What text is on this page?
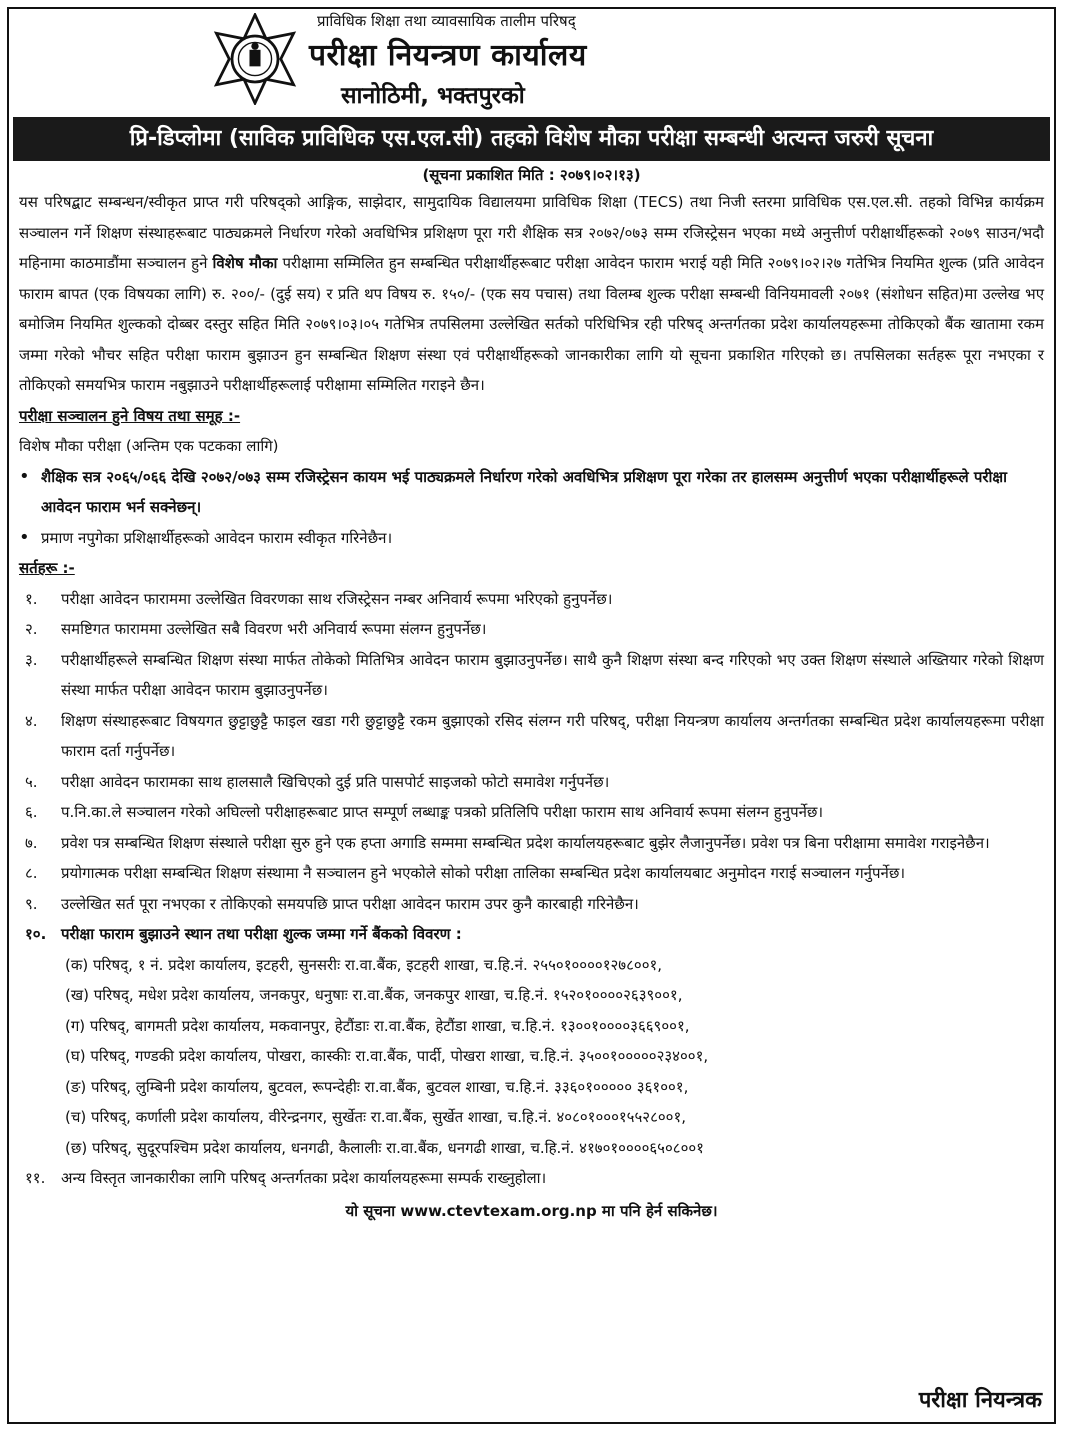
प्राविधिक शिक्षा तथा व्यावसायिक तालीम परिषद्
परीक्षा नियन्त्रण कार्यालय
सानोठिमी, भक्तपुरको
प्रि-डिप्लोमा (साविक प्राविधिक एस.एल.सी) तहको विशेष मौका परीक्षा सम्बन्धी अत्यन्त जरुरी सूचना
(सूचना प्रकाशित मिति : २०७९।०२।१३)
यस परिषद्बाट सम्बन्धन/स्वीकृत प्राप्त गरी परिषद्को आङ्गिक, साझेदार, सामुदायिक विद्यालयमा प्राविधिक शिक्षा (TECS) तथा निजी स्तरमा प्राविधिक एस.एल.सी. तहको विभिन्न कार्यक्रम सञ्चालन गर्ने शिक्षण संस्थाहरूबाट पाठ्यक्रमले निर्धारण गरेको अवधिभित्र प्रशिक्षण पूरा गरी शैक्षिक सत्र २०७२/०७३ सम्म रजिस्ट्रेसन भएका मध्ये अनुत्तीर्ण परीक्षार्थीहरूको २०७९ साउन/भदौ महिनामा काठमाडौंमा सञ्चालन हुने विशेष मौका परीक्षामा सम्मिलित हुन सम्बन्धित परीक्षार्थीहरूबाट परीक्षा आवेदन फाराम भराई यही मिति २०७९।०२।२७ गतेभित्र नियमित शुल्क (प्रति आवेदन फाराम बापत (एक विषयका लागि) रु. २००/- (दुई सय) र प्रति थप विषय रु. १५०/- (एक सय पचास) तथा विलम्ब शुल्क परीक्षा सम्बन्धी विनियमावली २०७१ (संशोधन सहित)मा उल्लेख भए बमोजिम नियमित शुल्कको दोब्बर दस्तुर सहित मिति २०७९।०३।०५ गतेभित्र तपसिलमा उल्लेखित सर्तको परिधिभित्र रही परिषद् अन्तर्गतका प्रदेश कार्यालयहरूमा तोकिएको बैंक खातामा रकम जम्मा गरेको भौचर सहित परीक्षा फाराम बुझाउन हुन सम्बन्धित शिक्षण संस्था एवं परीक्षार्थीहरूको जानकारीका लागि यो सूचना प्रकाशित गरिएको छ। तपसिलका सर्तहरू पूरा नभएका र तोकिएको समयभित्र फाराम नबुझाउने परीक्षार्थीहरूलाई परीक्षामा सम्मिलित गराइने छैन।
परीक्षा सञ्चालन हुने विषय तथा समूह :-
विशेष मौका परीक्षा (अन्तिम एक पटकका लागि)
• शैक्षिक सत्र २०६५/०६६ देखि २०७२/०७३ सम्म रजिस्ट्रेसन कायम भई पाठ्यक्रमले निर्धारण गरेको अवधिभित्र प्रशिक्षण पूरा गरेका तर हालसम्म अनुत्तीर्ण भएका परीक्षार्थीहरूले परीक्षा आवेदन फाराम भर्न सक्नेछन्।
• प्रमाण नपुगेका प्रशिक्षार्थीहरूको आवेदन फाराम स्वीकृत गरिनेछैन।
सर्तहरू :-
१.	परीक्षा आवेदन फाराममा उल्लेखित विवरणका साथ रजिस्ट्रेसन नम्बर अनिवार्य रूपमा भरिएको हुनुपर्नेछ।
२.	समष्टिगत फाराममा उल्लेखित सबै विवरण भरी अनिवार्य रूपमा संलग्न हुनुपर्नेछ।
३.	परीक्षार्थीहरूले सम्बन्धित शिक्षण संस्था मार्फत तोकेको मितिभित्र आवेदन फाराम बुझाउनुपर्नेछ। साथै कुनै शिक्षण संस्था बन्द गरिएको भए उक्त शिक्षण संस्थाले अख्तियार गरेको शिक्षण संस्था मार्फत परीक्षा आवेदन फाराम बुझाउनुपर्नेछ।
४.	शिक्षण संस्थाहरूबाट विषयगत छुट्टाछुट्टै फाइल खडा गरी छुट्टाछुट्टै रकम बुझाएको रसिद संलग्न गरी परिषद्, परीक्षा नियन्त्रण कार्यालय अन्तर्गतका सम्बन्धित प्रदेश कार्यालयहरूमा परीक्षा फाराम दर्ता गर्नुपर्नेछ।
५.	परीक्षा आवेदन फारामका साथ हालसालै खिचिएको दुई प्रति पासपोर्ट साइजको फोटो समावेश गर्नुपर्नेछ।
६.	प.नि.का.ले सञ्चालन गरेको अघिल्लो परीक्षाहरूबाट प्राप्त सम्पूर्ण लब्धाङ्क पत्रको प्रतिलिपि परीक्षा फाराम साथ अनिवार्य रूपमा संलग्न हुनुपर्नेछ।
७.	प्रवेश पत्र सम्बन्धित शिक्षण संस्थाले परीक्षा सुरु हुने एक हप्ता अगाडि सम्ममा सम्बन्धित प्रदेश कार्यालयहरूबाट बुझेर लैजानुपर्नेछ। प्रवेश पत्र बिना परीक्षामा समावेश गराइनेछैन।
८.	प्रयोगात्मक परीक्षा सम्बन्धित शिक्षण संस्थामा नै सञ्चालन हुने भएकोले सोको परीक्षा तालिका सम्बन्धित प्रदेश कार्यालयबाट अनुमोदन गराई सञ्चालन गर्नुपर्नेछ।
९.	उल्लेखित सर्त पूरा नभएका र तोकिएको समयपछि प्राप्त परीक्षा आवेदन फाराम उपर कुनै कारबाही गरिनेछैन।
१०. परीक्षा फाराम बुझाउने स्थान तथा परीक्षा शुल्क जम्मा गर्ने बैंकको विवरण :
(क) परिषद्, १ नं. प्रदेश कार्यालय, इटहरी, सुनसरीः रा.वा.बैंक, इटहरी शाखा, च.हि.नं. २५५०१००००१२७८००१,
(ख) परिषद्, मधेश प्रदेश कार्यालय, जनकपुर, धनुषाः रा.वा.बैंक, जनकपुर शाखा, च.हि.नं. १५२०१००००२६३९००१,
(ग) परिषद्, बागमती प्रदेश कार्यालय, मकवानपुर, हेटौंडाः रा.वा.बैंक, हेटौंडा शाखा, च.हि.नं. १३००१००००३६६९००१,
(घ) परिषद्, गण्डकी प्रदेश कार्यालय, पोखरा, कास्कीः रा.वा.बैंक, पार्दी, पोखरा शाखा, च.हि.नं. ३५००१०००००२३४००१,
(ङ) परिषद्, लुम्बिनी प्रदेश कार्यालय, बुटवल, रूपन्देहीः रा.वा.बैंक, बुटवल शाखा, च.हि.नं. ३३६०१००००० ३६१००१,
(च) परिषद्, कर्णाली प्रदेश कार्यालय, वीरेन्द्रनगर, सुर्खेतः रा.वा.बैंक, सुर्खेत शाखा, च.हि.नं. ४०८०१०००१५५२८००१,
(छ) परिषद्, सुदूरपश्चिम प्रदेश कार्यालय, धनगढी, कैलालीः रा.वा.बैंक, धनगढी शाखा, च.हि.नं. ४१७०१००००६५०८००१
११.	अन्य विस्तृत जानकारीका लागि परिषद् अन्तर्गतका प्रदेश कार्यालयहरूमा सम्पर्क राख्नुहोला।
यो सूचना www.ctevtexam.org.np मा पनि हेर्न सकिनेछ।
परीक्षा नियन्त्रक
